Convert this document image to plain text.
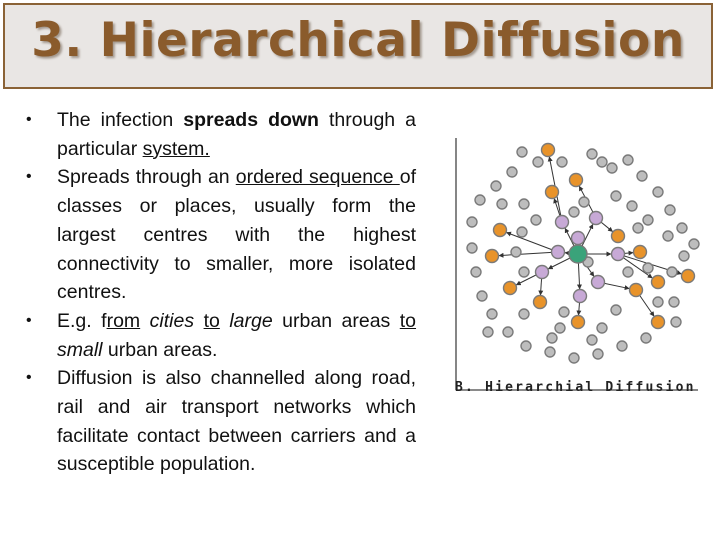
3. Hierarchical Diffusion
• The infection spreads down through a particular system.
• Spreads through an ordered sequence of classes or places, usually form the largest centres with the highest connectivity to smaller, more isolated centres.
• E.g. from cities to large urban areas to small urban areas.
• Diffusion is also channelled along road, rail and air transport networks which facilitate contact between carriers and a susceptible population.
B. Hierarchial Diffusion
